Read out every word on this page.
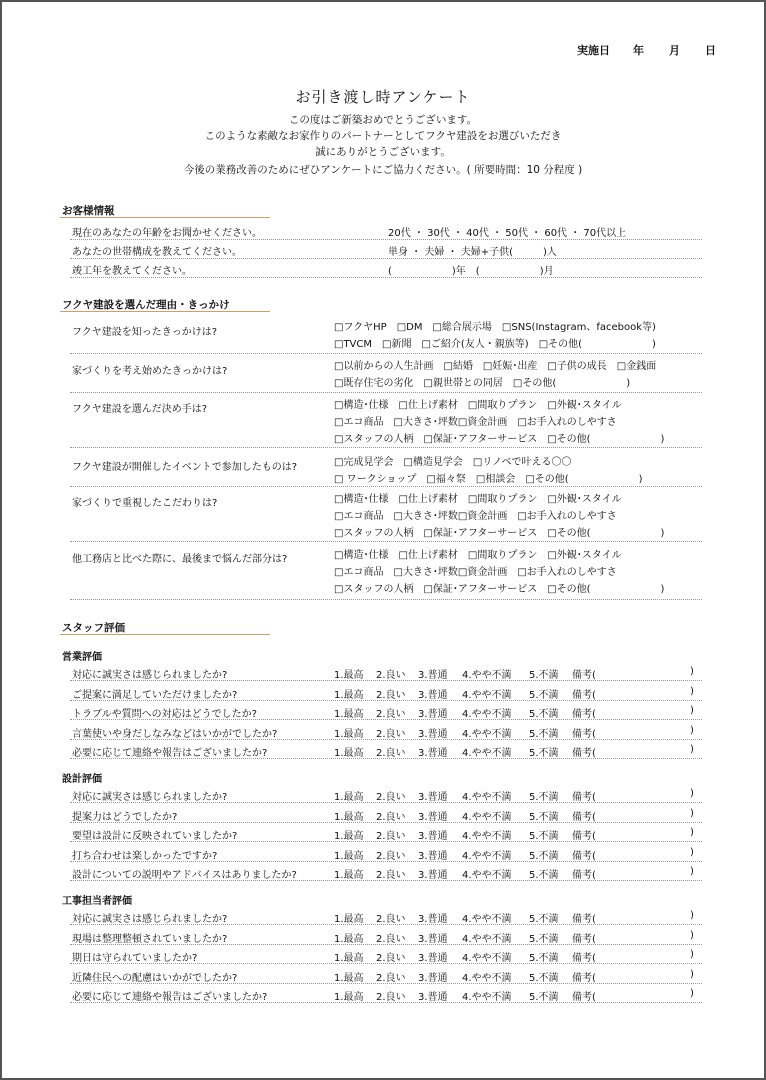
実施日	年	月	日
お引き渡し時アンケート
この度はご新築おめでとうございます。
このような素敵なお家作りのパートナーとしてフクヤ建設をお選びいただき
誠にありがとうございます。
今後の業務改善のためにぜひアンケートにご協力ください。( 所要時間：10 分程度 )
お客様情報
現在のあなたの年齢をお聞かせください。	20代 ・ 30代 ・ 40代 ・ 50代 ・ 60代 ・ 70代以上
あなたの世帯構成を教えてください。	単身 ・ 夫婦 ・ 夫婦+子供(　　　)人
竣工年を教えてください。	(　　　　　　)年　(　　　　　　)月
フクヤ建設を選んだ理由・きっかけ
フクヤ建設を知ったきっかけは?	□フクヤHP　□DM　□総合展示場　□SNS(Instagram、facebook等)
□TVCM　□新聞　□ご紹介(友人・親族等)　□その他(　　　　　　　)
家づくりを考え始めたきっかけは?	□以前からの人生計画　□結婚　□妊娠･出産　□子供の成長　□金銭面
□既存住宅の劣化　□親世帯との同居　□その他(　　　　　　　)
フクヤ建設を選んだ決め手は?	□構造･仕様　□仕上げ素材　□間取りプラン　□外観･スタイル
□エコ商品　□大きさ･坪数□資金計画　□お手入れのしやすさ
□スタッフの人柄　□保証･アフターサービス　□その他(　　　　　　　)
フクヤ建設が開催したイベントで参加したものは?	□完成見学会　□構造見学会　□リノベで叶える〇〇
□ ワークショップ　□福々祭　□相談会　□その他(　　　　　　　)
家づくりで重視したこだわりは?	□構造･仕様　□仕上げ素材　□間取りプラン　□外観･スタイル
□エコ商品　□大きさ･坪数□資金計画　□お手入れのしやすさ
□スタッフの人柄　□保証･アフターサービス　□その他(　　　　　　　)
他工務店と比べた際に、最後まで悩んだ部分は?	□構造･仕様　□仕上げ素材　□間取りプラン　□外観･スタイル
□エコ商品　□大きさ･坪数□資金計画　□お手入れのしやすさ
□スタッフの人柄　□保証･アフターサービス　□その他(　　　　　　　)
スタッフ評価
営業評価
対応に誠実さは感じられましたか?	1.最高 2.良い 3.普通 4.やや不満 5.不満 備考(	)
ご提案に満足していただけましたか?	1.最高 2.良い 3.普通 4.やや不満 5.不満 備考(	)
トラブルや質問への対応はどうでしたか?	1.最高 2.良い 3.普通 4.やや不満 5.不満 備考(	)
言葉使いや身だしなみなどはいかがでしたか?	1.最高 2.良い 3.普通 4.やや不満 5.不満 備考(	)
必要に応じて連絡や報告はございましたか?	1.最高 2.良い 3.普通 4.やや不満 5.不満 備考(	)
設計評価
対応に誠実さは感じられましたか?	1.最高 2.良い 3.普通 4.やや不満 5.不満 備考(	)
提案力はどうでしたか?	1.最高 2.良い 3.普通 4.やや不満 5.不満 備考(	)
要望は設計に反映されていましたか?	1.最高 2.良い 3.普通 4.やや不満 5.不満 備考(	)
打ち合わせは楽しかったですか?	1.最高 2.良い 3.普通 4.やや不満 5.不満 備考(	)
設計についての説明やアドバイスはありましたか?	1.最高 2.良い 3.普通 4.やや不満 5.不満 備考(	)
工事担当者評価
対応に誠実さは感じられましたか?	1.最高 2.良い 3.普通 4.やや不満 5.不満 備考(	)
現場は整理整頓されていましたか?	1.最高 2.良い 3.普通 4.やや不満 5.不満 備考(	)
期日は守られていましたか?	1.最高 2.良い 3.普通 4.やや不満 5.不満 備考(	)
近隣住民への配慮はいかがでしたか?	1.最高 2.良い 3.普通 4.やや不満 5.不満 備考(	)
必要に応じて連絡や報告はございましたか?	1.最高 2.良い 3.普通 4.やや不満 5.不満 備考(	)
